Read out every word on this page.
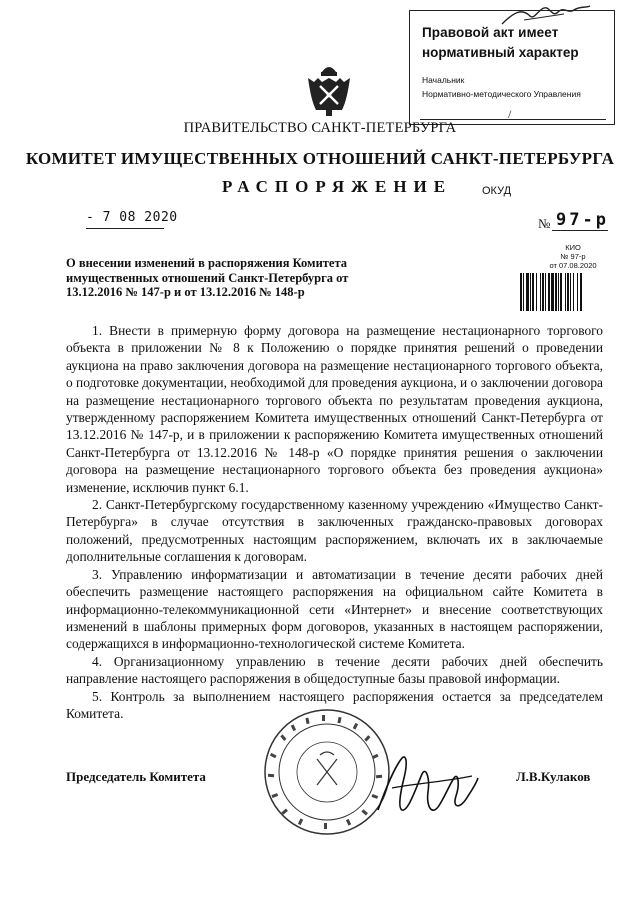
Правовой акт имеет
нормативный характер
Начальник
Нормативно-методического Управления
/
ПРАВИТЕЛЬСТВО САНКТ-ПЕТЕРБУРГА
КОМИТЕТ ИМУЩЕСТВЕННЫХ ОТНОШЕНИЙ САНКТ-ПЕТЕРБУРГА
РАСПОРЯЖЕНИЕ	ОКУД
- 7 08 2020	№ 97-р
КИО
№ 97-р
от 07.08.2020
О внесении изменений в распоряжения Комитета имущественных отношений Санкт-Петербурга от 13.12.2016 № 147-р и от 13.12.2016 № 148-р

1. Внести в примерную форму договора на размещение нестационарного торгового объекта в приложении № 8 к Положению о порядке принятия решений о проведении аукциона на право заключения договора на размещение нестационарного торгового объекта, о подготовке документации, необходимой для проведения аукциона, и о заключении договора на размещение нестационарного торгового объекта по результатам проведения аукциона, утвержденному распоряжением Комитета имущественных отношений Санкт-Петербурга от 13.12.2016 № 147-р, и в приложении к распоряжению Комитета имущественных отношений Санкт-Петербурга от 13.12.2016 № 148-р «О порядке принятия решения о заключении договора на размещение нестационарного торгового объекта без проведения аукциона» изменение, исключив пункт 6.1.

2. Санкт-Петербургскому государственному казенному учреждению «Имущество Санкт-Петербурга» в случае отсутствия в заключенных гражданско-правовых договорах положений, предусмотренных настоящим распоряжением, включать их в заключаемые дополнительные соглашения к договорам.

3. Управлению информатизации и автоматизации в течение десяти рабочих дней обеспечить размещение настоящего распоряжения на официальном сайте Комитета в информационно-телекоммуникационной сети «Интернет» и внесение соответствующих изменений в шаблоны примерных форм договоров, указанных в настоящем распоряжении, содержащихся в информационно-технологической системе Комитета.

4. Организационному управлению в течение десяти рабочих дней обеспечить направление настоящего распоряжения в общедоступные базы правовой информации.

5. Контроль за выполнением настоящего распоряжения остается за председателем Комитета.

Председатель Комитета	Л.В.Кулаков
